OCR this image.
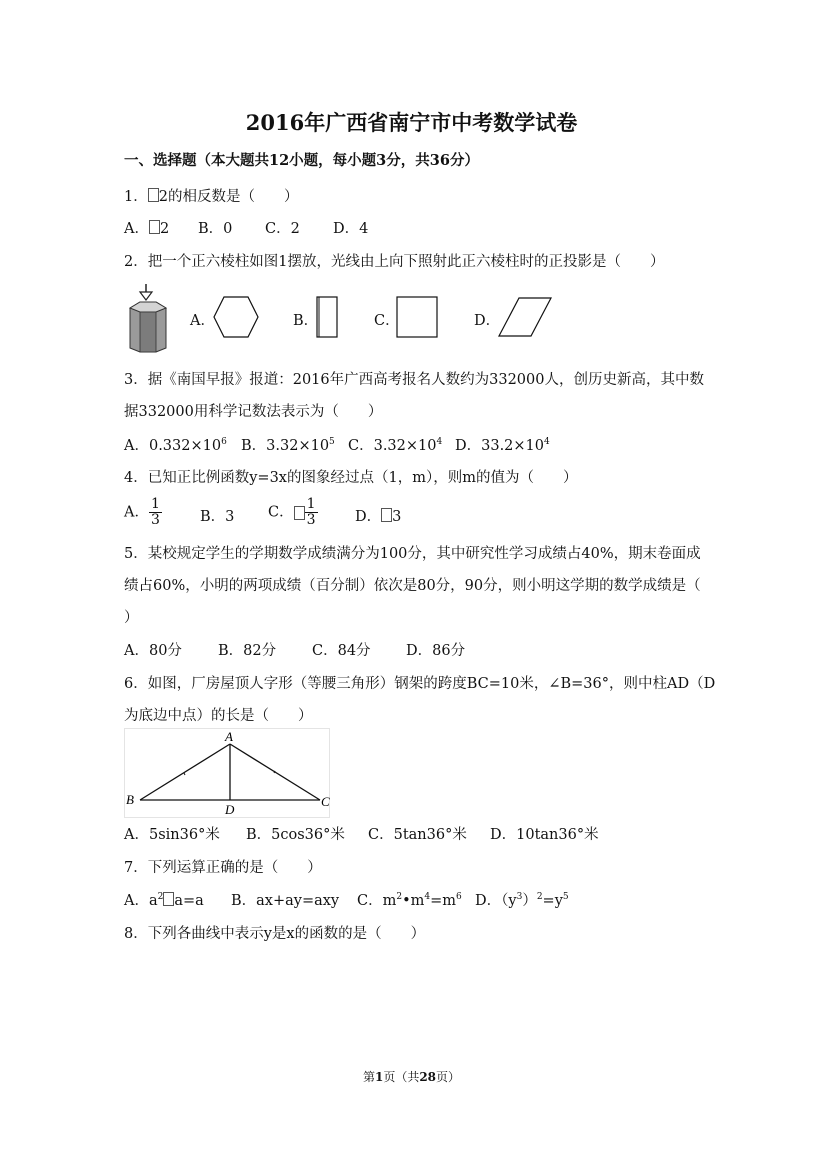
2016年广西省南宁市中考数学试卷
一、选择题（本大题共12小题，每小题3分，共36分）
1． 2的相反数是（　　）
A． 2 B．0 C．2 D．4
2．把一个正六棱柱如图1摆放，光线由上向下照射此正六棱柱时的正投影是（　　）
A．	B．	C．	D．
3．据《南国早报》报道：2016年广西高考报名人数约为332000人，创历史新高，其中数
据332000用科学记数法表示为（　　）
A．$0.332\times 10^6$ B．$3.32\times 10^5$ C．$3.32\times 10^4$ D．$33.2\times 10^4$
4．已知正比例函数y=3x的图象经过点（1，m），则m的值为（　　）
A． $\frac{1}{3}$	B．3 C． $\frac{1}{3}$	D． 3
5．某校规定学生的学期数学成绩满分为100分，其中研究性学习成绩占40%，期末卷面成
绩占60%，小明的两项成绩（百分制）依次是80分，90分，则小明这学期的数学成绩是（
）
A．80分 B．82分 C．84分 D．86分
6．如图，厂房屋顶人字形（等腰三角形）钢架的跨度BC=10米，∠B=36°，则中柱AD（D
为底边中点）的长是（　　）
A
B	C
D
A．5sin36°米 B．5cos36°米 C．5tan36°米 D．10tan36°米
7．下列运算正确的是（　　）
A．$a^2$ a=a B．ax+ay=axy C．$m^2•m^4=m^6$ D．$(y^3)^2=y^5$
8．下列各曲线中表示y是x的函数的是（　　）
第1页（共28页）
